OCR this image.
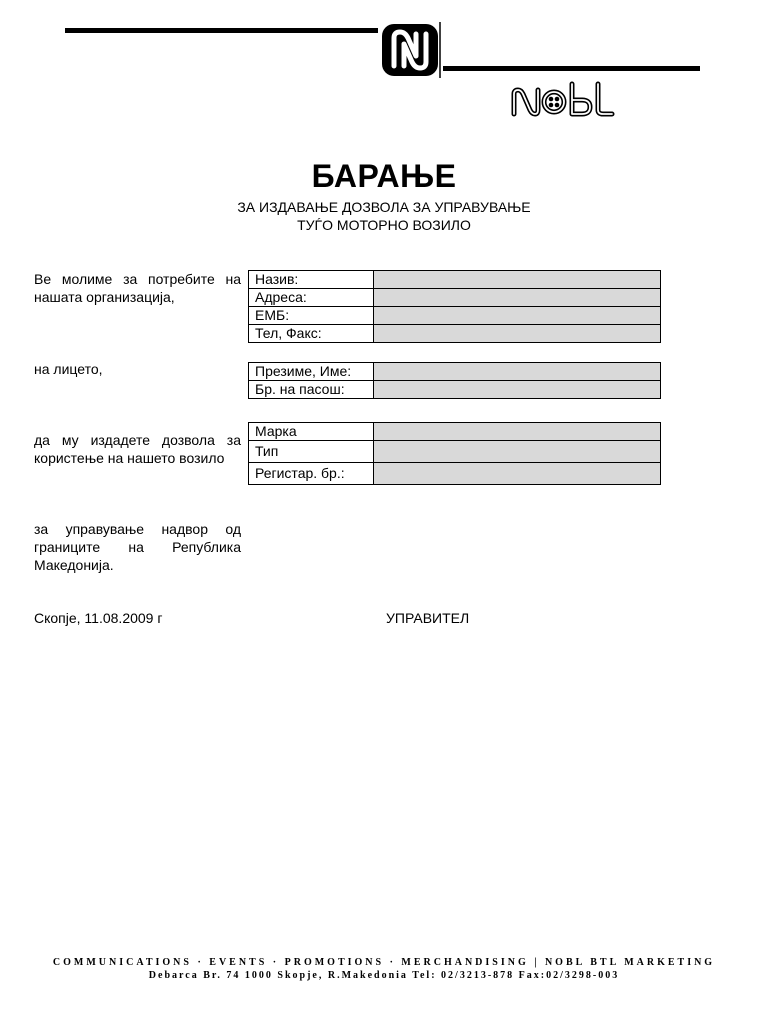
БАРАЊЕ
ЗА ИЗДАВАЊЕ ДОЗВОЛА ЗА УПРАВУВАЊЕ
ТУЃО МОТОРНО ВОЗИЛО
Ве молиме за потребите на нашата организација,
Назив:	
Адреса:	
ЕМБ:	
Тел, Факс:	
на лицето,	Презиме, Име:	
Бр. на пасош:	
да му издадете дозвола за користење на нашето возило
Марка	
Тип	
Регистар. бр.:	
за управување надвор од границите на Република Македонија.
Скопје, 11.08.2009 г	УПРАВИТЕЛ
COMMUNICATIONS · EVENTS · PROMOTIONS · MERCHANDISING | NOBL BTL MARKETING
Debarca Br. 74 1000 Skopje, R.Makedonia Tel: 02/3213-878 Fax:02/3298-003
